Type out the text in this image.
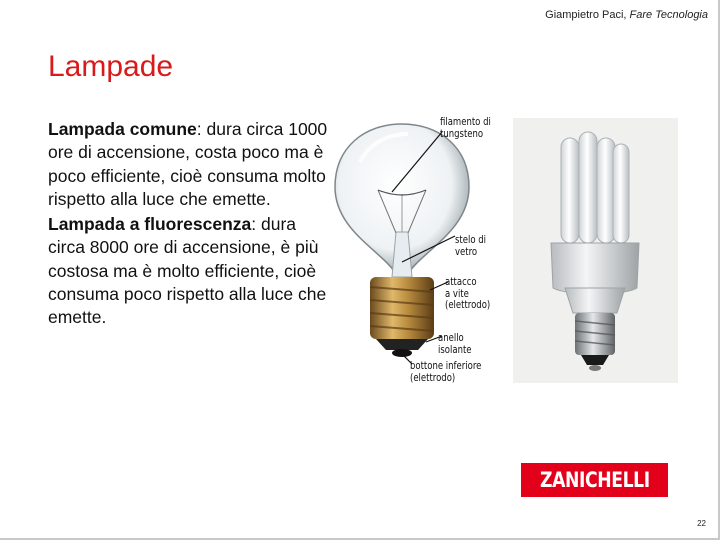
Giampietro Paci, Fare Tecnologia
Lampade

Lampada comune: dura circa 1000 ore di accensione, costa poco ma è poco efficiente, cioè consuma molto rispetto alla luce che emette.

Lampada a fluorescenza: dura circa 8000 ore di accensione, è più costosa ma è molto efficiente, cioè consuma poco rispetto alla luce che emette.

filamento di
tungsteno
stelo di
vetro
attacco
a vite
(elettrodo)
anello
isolante
bottone inferiore
(elettrodo)
ZANICHELLI
22
